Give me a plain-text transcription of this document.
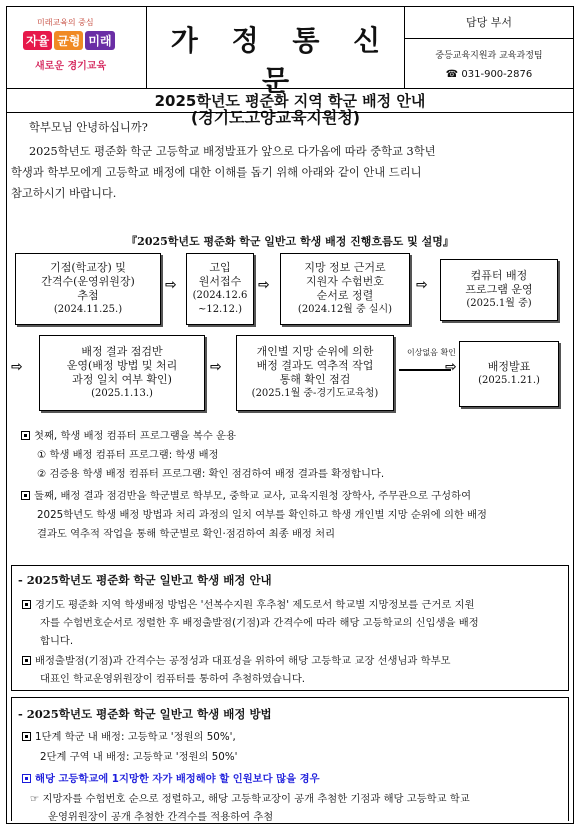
미래교육의 중심
자율 균형 미래
새로운 경기교육
가 정 통 신 문
(경기도고양교육지원청)
담당 부서
중등교육지원과 교육과정팀
☎ 031-900-2876
2025학년도 평준화 지역 학군 배정 안내
학부모님 안녕하십니까?
2025학년도 평준화 학군 고등학교 배정발표가 앞으로 다가옴에 따라 중학교 3학년
학생과 학부모에게 고등학교 배정에 대한 이해를 돕기 위해 아래와 같이 안내 드리니
참고하시기 바랍니다.
『2025학년도 평준화 학군 일반고 학생 배정 진행흐름도 및 설명』
기점(학교장) 및
간격수(운영위원장)
추첨
(2024.11.25.)
⇨
고입
원서접수
(2024.12.6
~12.12.)
⇨
지망 정보 근거로
지원자 수험번호
순서로 정렬
(2024.12월 중 실시)
⇨
컴퓨터 배정
프로그램 운영
(2025.1월 중)
⇨
배정 결과 점검반
운영(배정 방법 및 처리
과정 일치 여부 확인)
(2025.1.13.)
⇨
개인별 지망 순위에 의한
배정 결과도 역추적 작업
통해 확인 점검
(2025.1월 중-경기도교육청)
이상없음 확인
⇨	배정발표
(2025.1.21.)
첫째, 학생 배정 컴퓨터 프로그램을 복수 운용
① 학생 배정 컴퓨터 프로그램: 학생 배정
② 검증용 학생 배정 컴퓨터 프로그램: 확인 점검하여 배정 결과를 확정합니다.
둘째, 배정 결과 점검반을 학군별로 학부모, 중학교 교사, 교육지원청 장학사, 주무관으로 구성하여
2025학년도 학생 배정 방법과 처리 과정의 일치 여부를 확인하고 학생 개인별 지망 순위에 의한 배정
결과도 역추적 작업을 통해 학군별로 확인·점검하여 최종 배정 처리
- 2025학년도 평준화 학군 일반고 학생 배정 안내
경기도 평준화 지역 학생배정 방법은 '선복수지원 후추첨' 제도로서 학교별 지망정보를 근거로 지원
자를 수험번호순서로 정렬한 후 배정출발점(기점)과 간격수에 따라 해당 고등학교의 신입생을 배정
합니다.
배정출발점(기점)과 간격수는 공정성과 대표성을 위하여 해당 고등학교 교장 선생님과 학부모
대표인 학교운영위원장이 컴퓨터를 통하여 추첨하였습니다.
- 2025학년도 평준화 학군 일반고 학생 배정 방법
1단계 학군 내 배정: 고등학교 '정원의 50%',
2단계 구역 내 배정: 고등학교 '정원의 50%'
해당 고등학교에 1지망한 자가 배정해야 할 인원보다 많을 경우
☞ 지망자를 수험번호 순으로 정렬하고, 해당 고등학교장이 공개 추첨한 기점과 해당 고등학교 학교
운영위원장이 공개 추첨한 간격수를 적용하여 추첨
